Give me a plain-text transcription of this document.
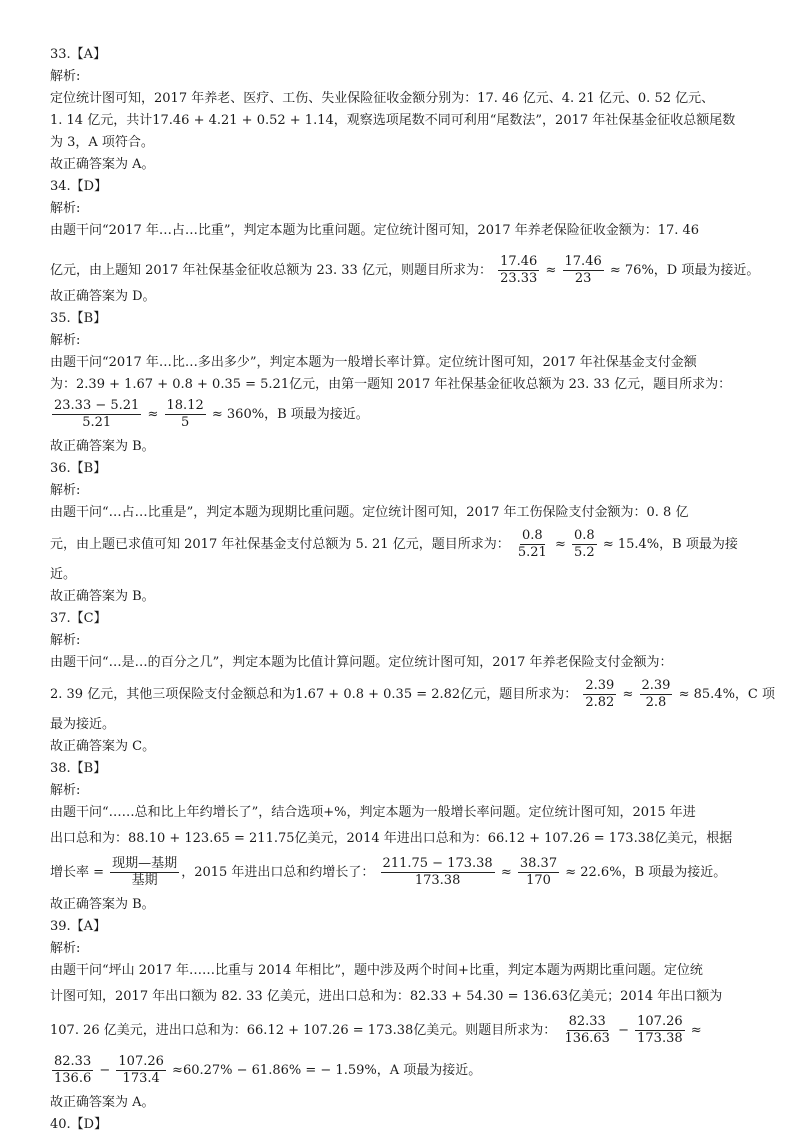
33.【A】
解析:
定位统计图可知，2017 年养老、医疗、工伤、失业保险征收金额分别为：17. 46 亿元、4. 21 亿元、0. 52 亿元、
1. 14 亿元，共计17.46 + 4.21 + 0.52 + 1.14，观察选项尾数不同可利用“尾数法”，2017 年社保基金征收总额尾数
为 3，A 项符合。
故正确答案为 A。
34.【D】
解析:
由题干问“2017 年…占…比重”，判定本题为比重问题。定位统计图可知，2017 年养老保险征收金额为：17. 46
亿元，由上题知 2017 年社保基金征收总额为 23. 33 亿元，则题目所求为： $\frac{17.46}{23.33} \approx \frac{17.46}{23} \approx 76\%$，D 项最为接近。
故正确答案为 D。
35.【B】
解析:
由题干问“2017 年…比…多出多少”，判定本题为一般增长率计算。定位统计图可知，2017 年社保基金支付金额
为：2.39 + 1.67 + 0.8 + 0.35 = 5.21亿元，由第一题知 2017 年社保基金征收总额为 23. 33 亿元，题目所求为：
$\frac{23.33 - 5.21}{5.21} \approx \frac{18.12}{5} \approx 360\%$，B 项最为接近。
故正确答案为 B。
36.【B】
解析:
由题干问“…占…比重是”，判定本题为现期比重问题。定位统计图可知，2017 年工伤保险支付金额为：0. 8 亿
元，由上题已求值可知 2017 年社保基金支付总额为 5. 21 亿元，题目所求为： $\frac{0.8}{5.21} \approx \frac{0.8}{5.2} \approx 15.4\%$，B 项最为接
近。
故正确答案为 B。
37.【C】
解析:
由题干问“…是…的百分之几”，判定本题为比值计算问题。定位统计图可知，2017 年养老保险支付金额为：
2. 39 亿元，其他三项保险支付金额总和为1.67 + 0.8 + 0.35 = 2.82亿元，题目所求为： $\frac{2.39}{2.82} \approx \frac{2.39}{2.8} \approx 85.4\%$，C 项
最为接近。
故正确答案为 C。
38.【B】
解析:
由题干问“……总和比上年约增长了”，结合选项+%，判定本题为一般增长率问题。定位统计图可知，2015 年进
出口总和为：88.10 + 123.65 = 211.75亿美元，2014 年进出口总和为：66.12 + 107.26 = 173.38亿美元，根据
增长率 = $\frac{\text{现期—基期}}{\text{基期}}$ ，2015 年进出口总和约增长了： $\frac{211.75 - 173.38}{173.38} \approx \frac{38.37}{170} \approx 22.6\%$，B 项最为接近。
故正确答案为 B。
39.【A】
解析:
由题干问“坪山 2017 年……比重与 2014 年相比”，题中涉及两个时间+比重，判定本题为两期比重问题。定位统
计图可知，2017 年出口额为 82. 33 亿美元，进出口总和为：82.33 + 54.30 = 136.63亿美元；2014 年出口额为
107. 26 亿美元，进出口总和为：66.12 + 107.26 = 173.38亿美元。则题目所求为： $\frac{82.33}{136.63} - \frac{107.26}{173.38}$ ≈
$\frac{82.33}{136.6} - \frac{107.26}{173.4} \approx 60.27\% - 61.86\%$ = − 1.59%，A 项最为接近。
故正确答案为 A。
40.【D】
